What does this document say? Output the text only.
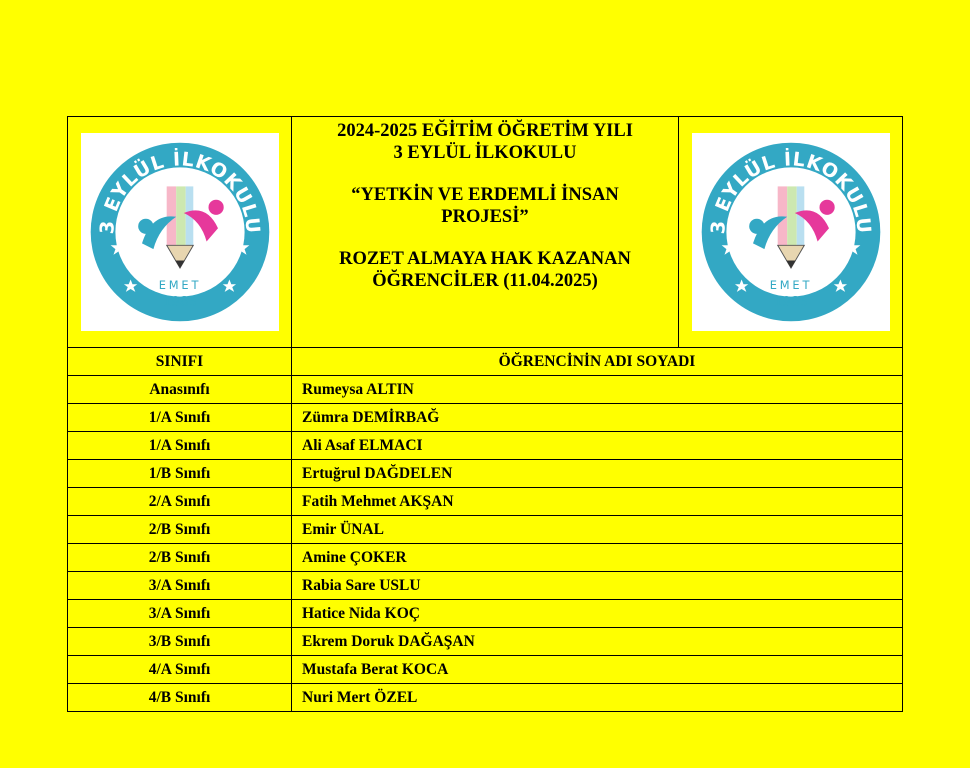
3 EYLÜL İLKOKULU
EMET
1985
2024-2025 EĞİTİM ÖĞRETİM YILI
3 EYLÜL İLKOKULU
“YETKİN VE ERDEMLİ İNSAN
PROJESİ”
ROZET ALMAYA HAK KAZANAN
ÖĞRENCİLER (11.04.2025)
3 EYLÜL İLKOKULU
EMET
1985
SINIFI	ÖĞRENCİNİN ADI SOYADI
Anasınıfı	Rumeysa ALTIN
1/A Sınıfı	Zümra DEMİRBAĞ
1/A Sınıfı	Ali Asaf ELMACI
1/B Sınıfı	Ertuğrul DAĞDELEN
2/A Sınıfı	Fatih Mehmet AKŞAN
2/B Sınıfı	Emir ÜNAL
2/B Sınıfı	Amine ÇOKER
3/A Sınıfı	Rabia Sare USLU
3/A Sınıfı	Hatice Nida KOÇ
3/B Sınıfı	Ekrem Doruk DAĞAŞAN
4/A Sınıfı	Mustafa Berat KOCA
4/B Sınıfı	Nuri Mert ÖZEL
